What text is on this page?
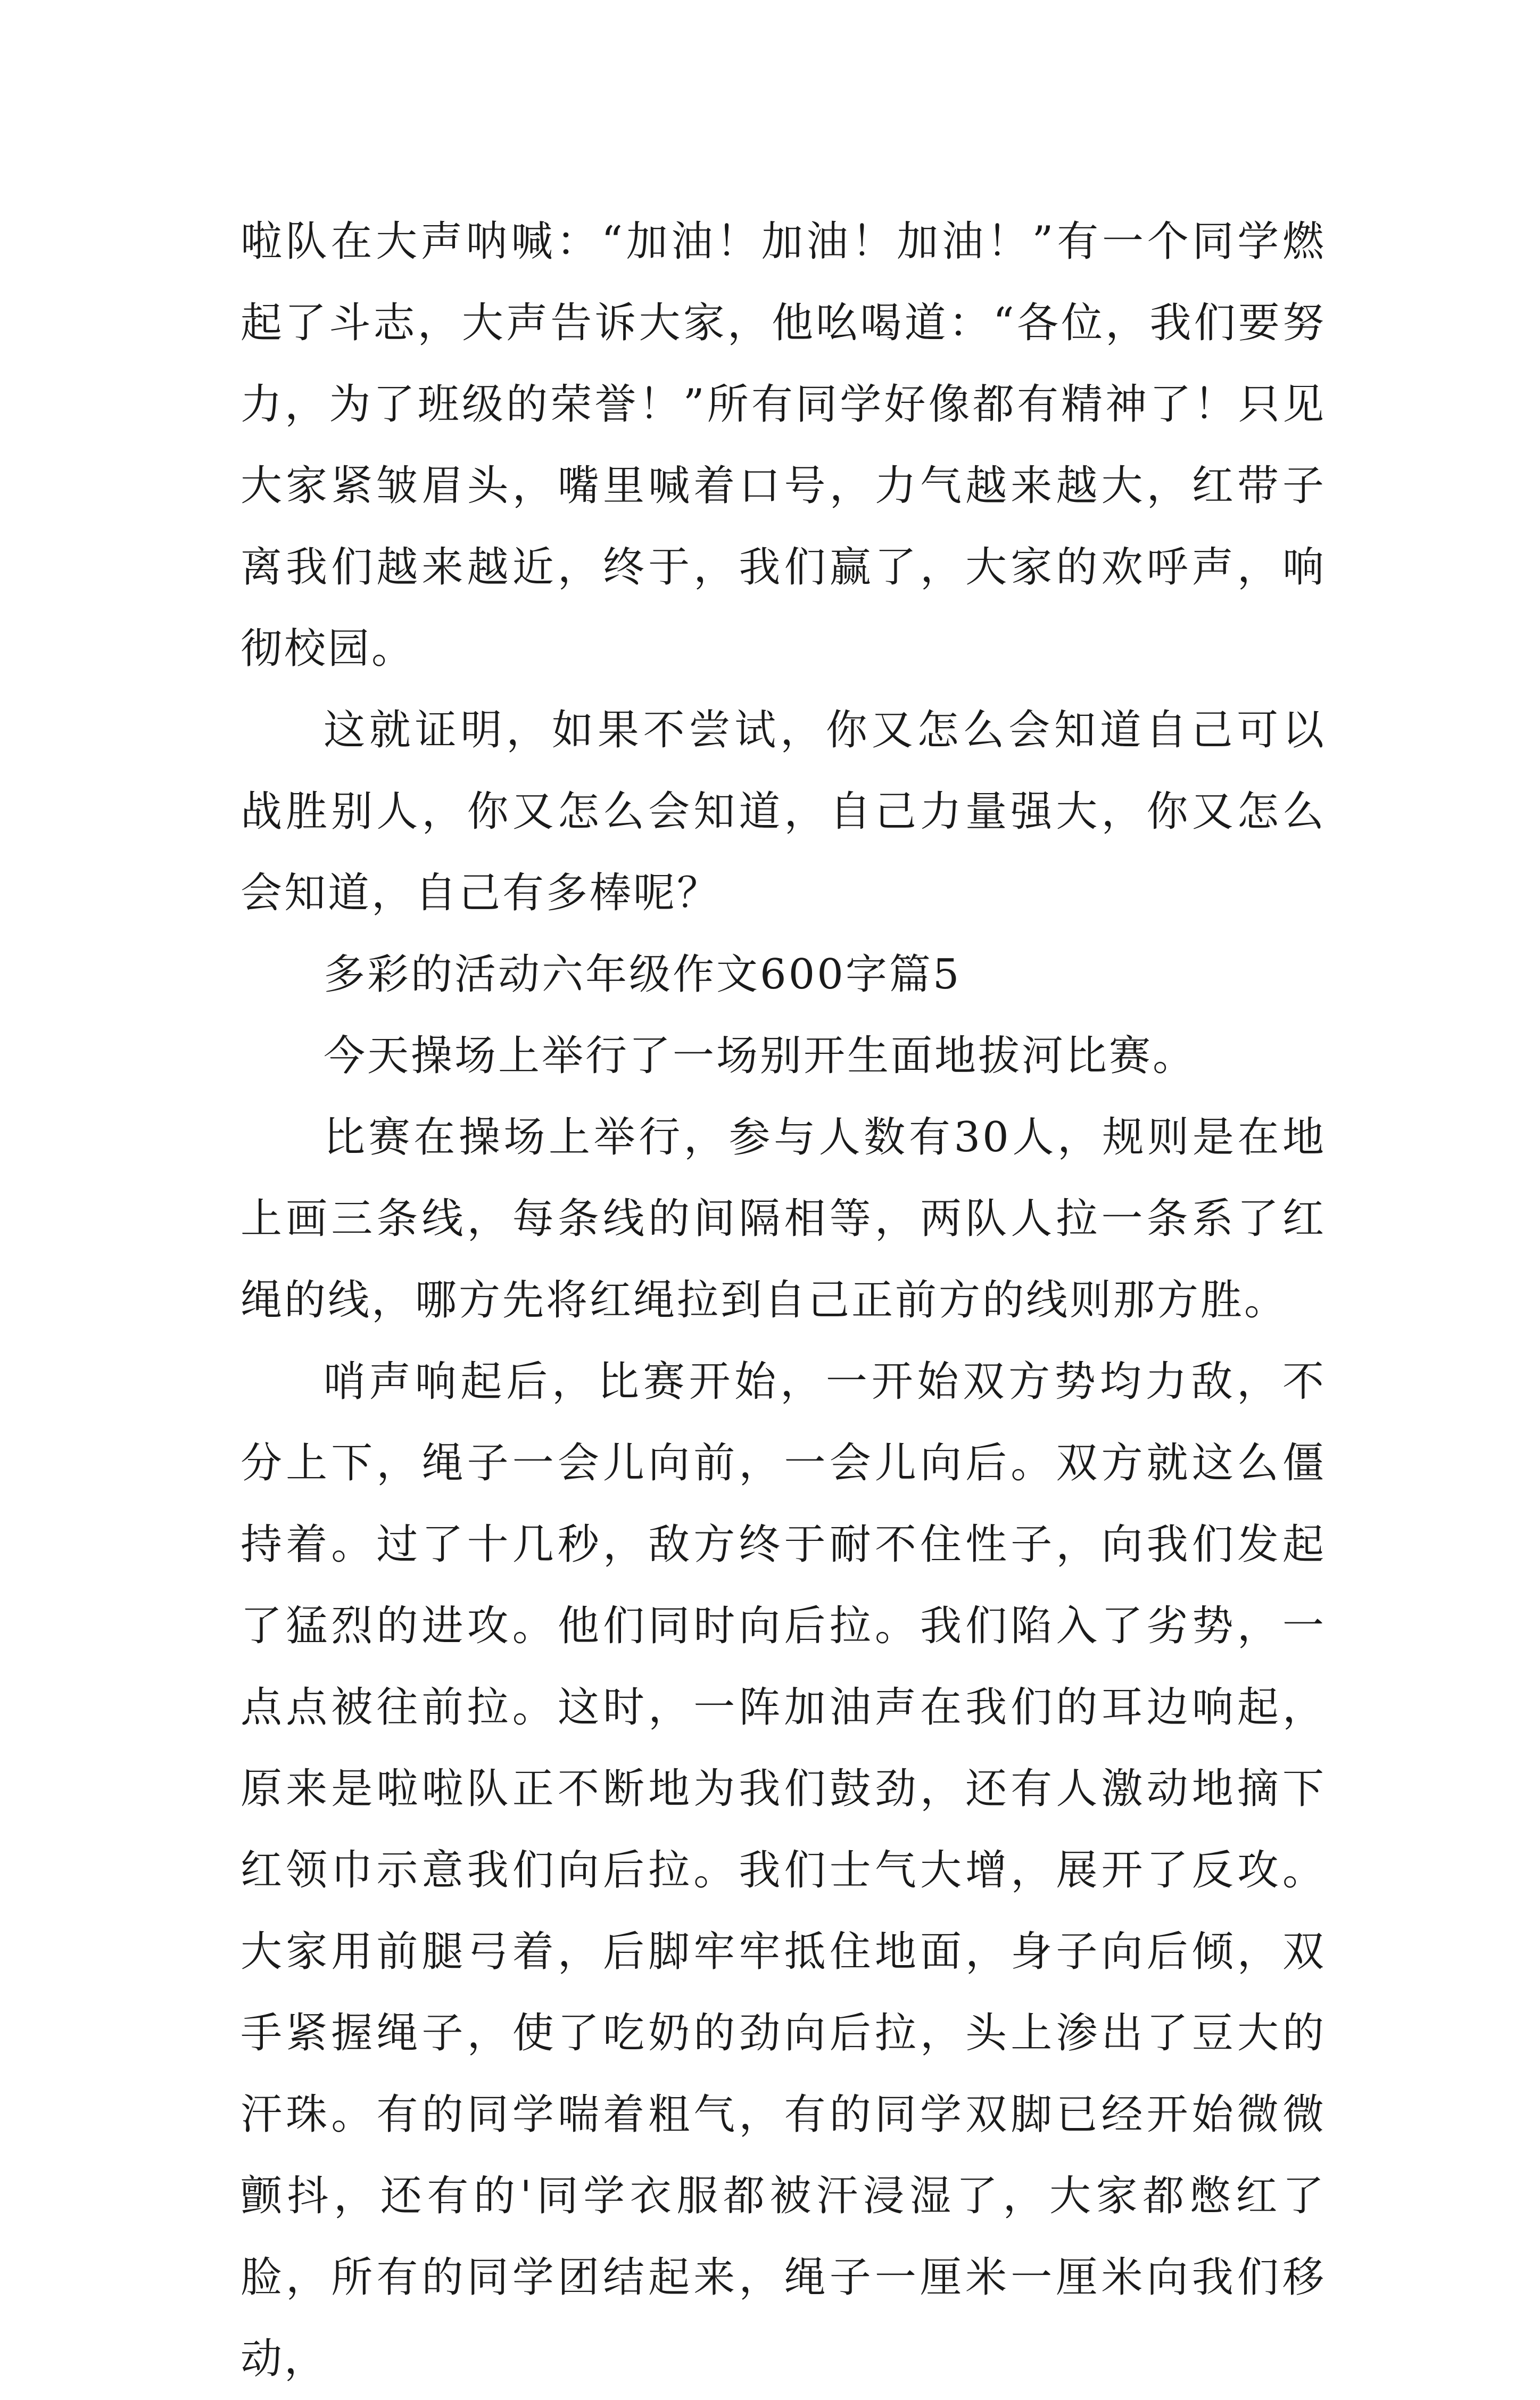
啦队在大声呐喊：“加油！加油！加油！”有一个同学燃起了斗志，大声告诉大家，他吆喝道：“各位，我们要努力，为了班级的荣誉！”所有同学好像都有精神了！只见大家紧皱眉头，嘴里喊着口号，力气越来越大，红带子离我们越来越近，终于，我们赢了，大家的欢呼声，响彻校园。

这就证明，如果不尝试，你又怎么会知道自己可以战胜别人，你又怎么会知道，自己力量强大，你又怎么会知道，自己有多棒呢？

多彩的活动六年级作文600字篇5

今天操场上举行了一场别开生面地拔河比赛。

比赛在操场上举行，参与人数有30人，规则是在地上画三条线，每条线的间隔相等，两队人拉一条系了红绳的线，哪方先将红绳拉到自己正前方的线则那方胜。

哨声响起后，比赛开始，一开始双方势均力敌，不分上下，绳子一会儿向前，一会儿向后。双方就这么僵持着。过了十几秒，敌方终于耐不住性子，向我们发起了猛烈的进攻。他们同时向后拉。我们陷入了劣势，一点点被往前拉。这时，一阵加油声在我们的耳边响起，原来是啦啦队正不断地为我们鼓劲，还有人激动地摘下红领巾示意我们向后拉。我们士气大增，展开了反攻。大家用前腿弓着，后脚牢牢抵住地面，身子向后倾，双手紧握绳子，使了吃奶的劲向后拉，头上渗出了豆大的汗珠。有的同学喘着粗气，有的同学双脚已经开始微微颤抖，还有的'同学衣服都被汗浸湿了，大家都憋红了脸，所有的同学团结起来，绳子一厘米一厘米向我们移动，
